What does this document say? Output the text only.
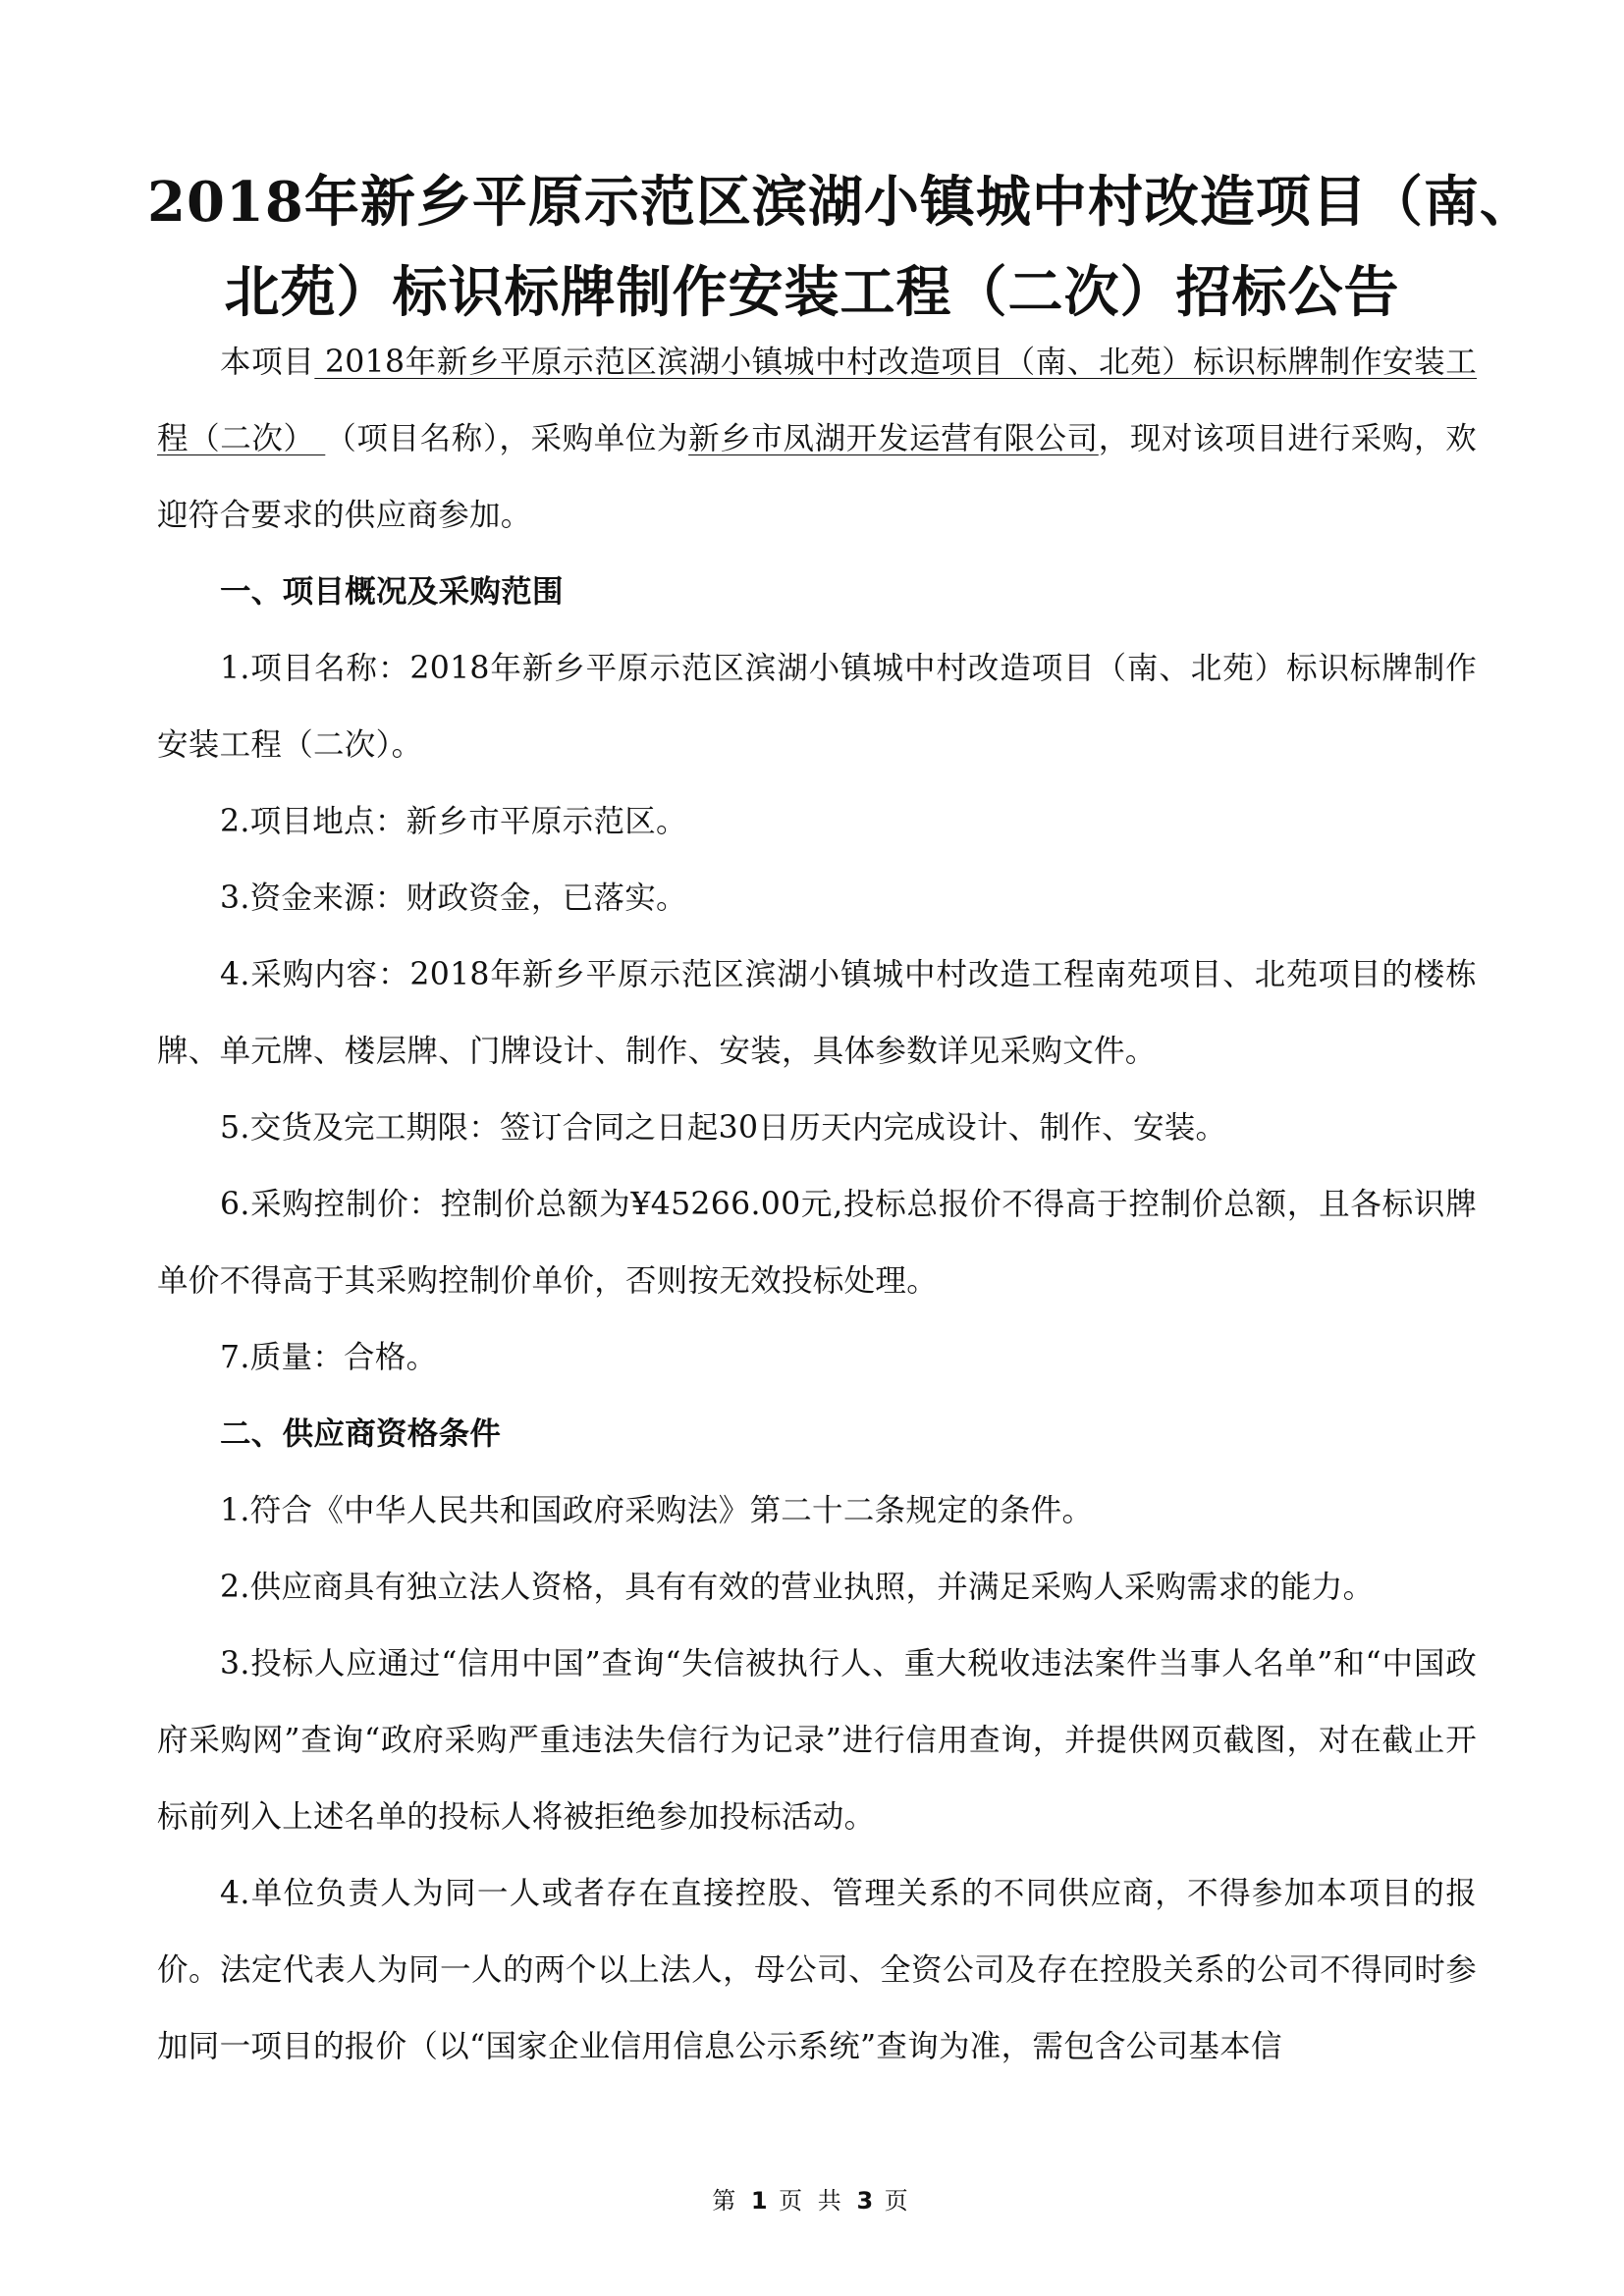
2018年新乡平原示范区滨湖小镇城中村改造项目（南、
北苑）标识标牌制作安装工程（二次）招标公告

本项目 2018年新乡平原示范区滨湖小镇城中村改造项目（南、北苑）标识标牌制作安装工程（二次） （项目名称），采购单位为新乡市凤湖开发运营有限公司，现对该项目进行采购，欢迎符合要求的供应商参加。

一、项目概况及采购范围

1.项目名称：2018年新乡平原示范区滨湖小镇城中村改造项目（南、北苑）标识标牌制作安装工程（二次）。

2.项目地点：新乡市平原示范区。

3.资金来源：财政资金，已落实。

4.采购内容：2018年新乡平原示范区滨湖小镇城中村改造工程南苑项目、北苑项目的楼栋牌、单元牌、楼层牌、门牌设计、制作、安装，具体参数详见采购文件。

5.交货及完工期限：签订合同之日起30日历天内完成设计、制作、安装。

6.采购控制价：控制价总额为¥45266.00元,投标总报价不得高于控制价总额，且各标识牌单价不得高于其采购控制价单价，否则按无效投标处理。

7.质量：合格。

二、供应商资格条件

1.符合《中华人民共和国政府采购法》第二十二条规定的条件。

2.供应商具有独立法人资格，具有有效的营业执照，并满足采购人采购需求的能力。

3.投标人应通过“信用中国”查询“失信被执行人、重大税收违法案件当事人名单”和“中国政府采购网”查询“政府采购严重违法失信行为记录”进行信用查询，并提供网页截图，对在截止开标前列入上述名单的投标人将被拒绝参加投标活动。

4.单位负责人为同一人或者存在直接控股、管理关系的不同供应商，不得参加本项目的报价。法定代表人为同一人的两个以上法人，母公司、全资公司及存在控股关系的公司不得同时参加同一项目的报价（以“国家企业信用信息公示系统”查询为准，需包含公司基本信

第 1 页 共 3 页
